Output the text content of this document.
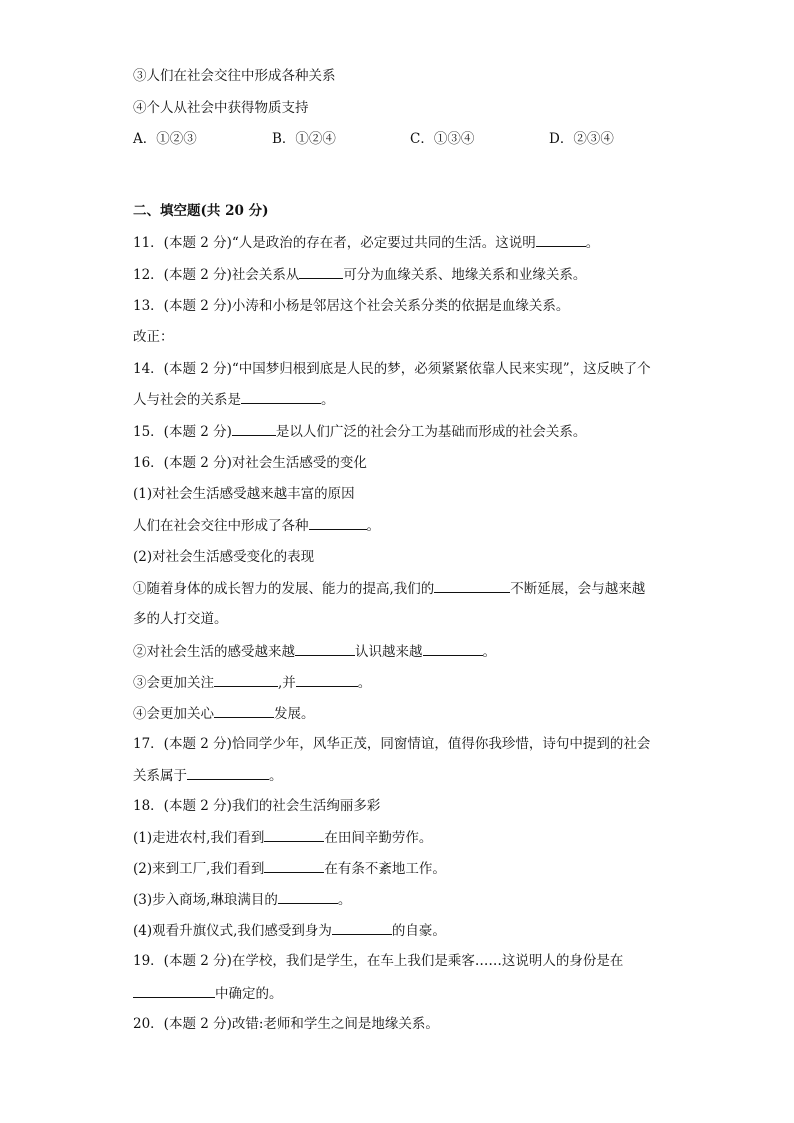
③人们在社会交往中形成各种关系
④个人从社会中获得物质支持
A．①②③	B．①②④	C．①③④	D．②③④
二、填空题(共 20 分)
11．(本题 2 分)“人是政治的存在者，必定要过共同的生活。这说明	。
12．(本题 2 分)社会关系从	可分为血缘关系、地缘关系和业缘关系。
13．(本题 2 分)小涛和小杨是邻居这个社会关系分类的依据是血缘关系。
改正：
14．(本题 2 分)“中国梦归根到底是人民的梦，必须紧紧依靠人民来实现”，这反映了个
人与社会的关系是	。
15．(本题 2 分)	是以人们广泛的社会分工为基础而形成的社会关系。
16．(本题 2 分)对社会生活感受的变化
(1)对社会生活感受越来越丰富的原因
人们在社会交往中形成了各种	。
(2)对社会生活感受变化的表现
①随着身体的成长智力的发展、能力的提高,我们的	不断延展，会与越来越
多的人打交道。
②对社会生活的感受越来越	认识越来越	。
③会更加关注	,并	。
④会更加关心	发展。
17．(本题 2 分)恰同学少年，风华正茂，同窗情谊，值得你我珍惜，诗句中提到的社会
关系属于	。
18．(本题 2 分)我们的社会生活绚丽多彩
(1)走进农村,我们看到	在田间辛勤劳作。
(2)来到工厂,我们看到	在有条不紊地工作。
(3)步入商场,琳琅满目的	。
(4)观看升旗仪式,我们感受到身为	的自豪。
19．(本题 2 分)在学校，我们是学生，在车上我们是乘客……这说明人的身份是在
中确定的。
20．(本题 2 分)改错:老师和学生之间是地缘关系。
